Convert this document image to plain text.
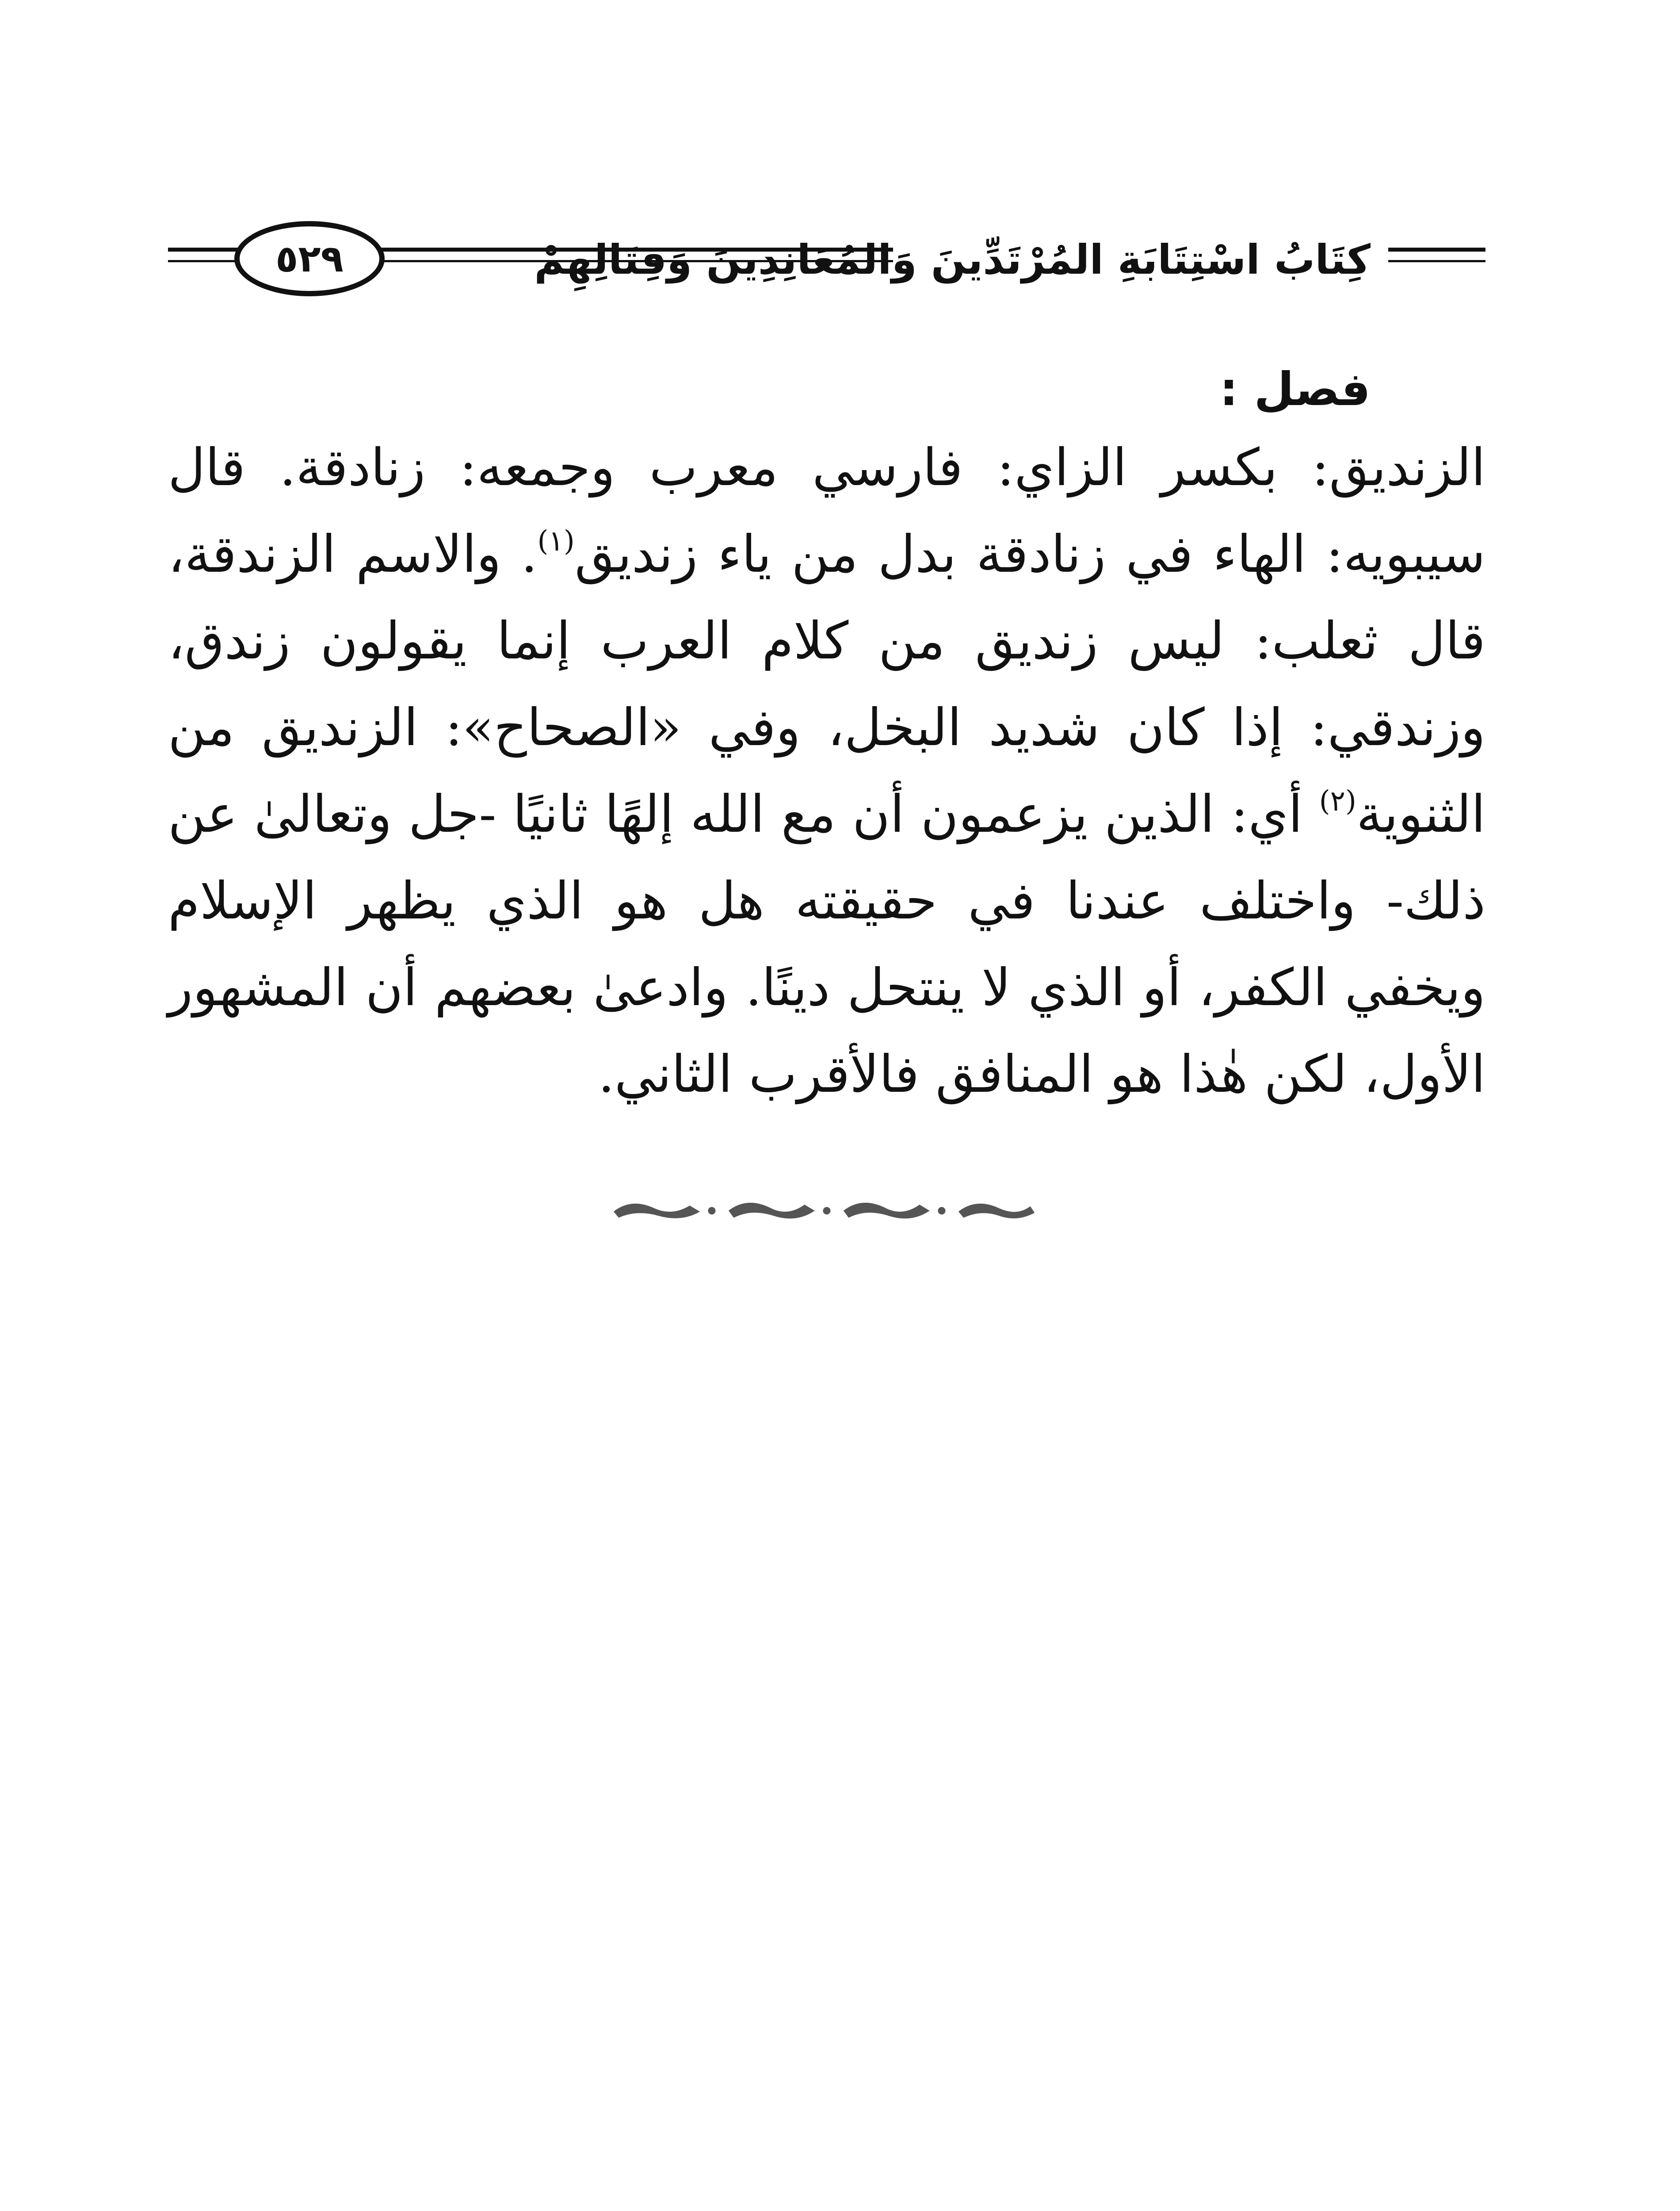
٥٢٩	كِتَابُ اسْتِتَابَةِ المُرْتَدِّينَ وَالمُعَانِدِينَ وَقِتَالِهِمْ
فصل :

الزنديق: بكسر الزاي: فارسي معرب وجمعه: زنادقة. قال سيبويه: الهاء في زنادقة بدل من ياء زنديق$^{(١)}$. والاسم الزندقة، قال ثعلب: ليس زنديق من كلام العرب إنما يقولون زندق، وزندقي: إذا كان شديد البخل، وفي «الصحاح»: الزنديق من الثنوية$^{(٢)}$ أي: الذين يزعمون أن مع الله إلهًا ثانيًا -جل وتعالىٰ عن ذلك- واختلف عندنا في حقيقته هل هو الذي يظهر الإسلام ويخفي الكفر، أو الذي لا ينتحل دينًا. وادعىٰ بعضهم أن المشهور الأول، لكن هٰذا هو المنافق فالأقرب الثاني.
